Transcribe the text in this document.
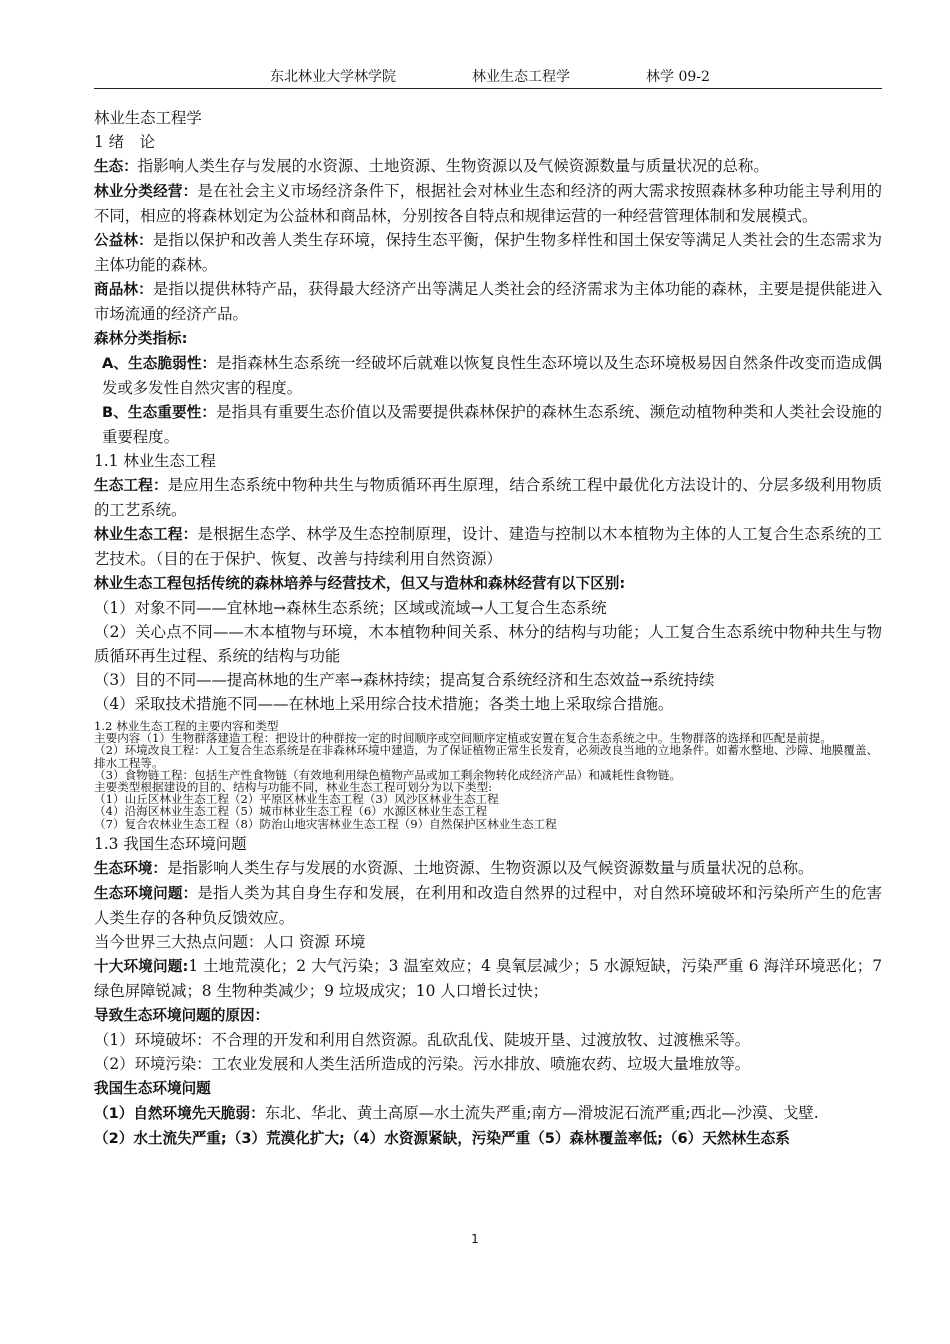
东北林业大学林学院	林业生态工程学	林学 09-2

林业生态工程学

1 绪　论

生态：指影响人类生存与发展的水资源、土地资源、生物资源以及气候资源数量与质量状况的总称。

林业分类经营：是在社会主义市场经济条件下，根据社会对林业生态和经济的两大需求按照森林多种功能主导利用的不同，相应的将森林划定为公益林和商品林，分别按各自特点和规律运营的一种经营管理体制和发展模式。

公益林：是指以保护和改善人类生存环境，保持生态平衡，保护生物多样性和国土保安等满足人类社会的生态需求为主体功能的森林。

商品林：是指以提供林特产品，获得最大经济产出等满足人类社会的经济需求为主体功能的森林，主要是提供能进入市场流通的经济产品。

森林分类指标:

A、生态脆弱性：是指森林生态系统一经破坏后就难以恢复良性生态环境以及生态环境极易因自然条件改变而造成偶发或多发性自然灾害的程度。

B、生态重要性：是指具有重要生态价值以及需要提供森林保护的森林生态系统、濒危动植物种类和人类社会设施的重要程度。

1.1 林业生态工程

生态工程：是应用生态系统中物种共生与物质循环再生原理，结合系统工程中最优化方法设计的、分层多级利用物质的工艺系统。

林业生态工程：是根据生态学、林学及生态控制原理，设计、建造与控制以木本植物为主体的人工复合生态系统的工艺技术。（目的在于保护、恢复、改善与持续利用自然资源）

林业生态工程包括传统的森林培养与经营技术，但又与造林和森林经营有以下区别:

（1）对象不同——宜林地→森林生态系统；区域或流域→人工复合生态系统

（2）关心点不同——木本植物与环境，木本植物种间关系、林分的结构与功能；人工复合生态系统中物种共生与物质循环再生过程、系统的结构与功能

（3）目的不同——提高林地的生产率→森林持续；提高复合系统经济和生态效益→系统持续

（4）采取技术措施不同——在林地上采用综合技术措施；各类土地上采取综合措施。

1.2 林业生态工程的主要内容和类型

主要内容（1）生物群落建造工程：把设计的种群按一定的时间顺序或空间顺序定植或安置在复合生态系统之中。生物群落的选择和匹配是前提。

（2）环境改良工程：人工复合生态系统是在非森林环境中建造，为了保证植物正常生长发育，必须改良当地的立地条件。如蓄水整地、沙障、地膜覆盖、排水工程等。

（3）食物链工程：包括生产性食物链（有效地利用绿色植物产品或加工剩余物转化成经济产品）和减耗性食物链。

主要类型根据建设的目的、结构与功能不同，林业生态工程可划分为以下类型:

（1）山丘区林业生态工程（2）平原区林业生态工程（3）风沙区林业生态工程

（4）沿海区林业生态工程（5）城市林业生态工程（6）水源区林业生态工程

（7）复合农林业生态工程（8）防治山地灾害林业生态工程（9）自然保护区林业生态工程

1.3 我国生态环境问题

生态环境：是指影响人类生存与发展的水资源、土地资源、生物资源以及气候资源数量与质量状况的总称。

生态环境问题：是指人类为其自身生存和发展，在利用和改造自然界的过程中，对自然环境破坏和污染所产生的危害人类生存的各种负反馈效应。

当今世界三大热点问题：人口 资源 环境

十大环境问题:1 土地荒漠化；2 大气污染；3 温室效应；4 臭氧层减少；5 水源短缺，污染严重 6 海洋环境恶化；7 绿色屏障锐减；8 生物种类减少；9 垃圾成灾；10 人口增长过快；

导致生态环境问题的原因：

（1）环境破坏：不合理的开发和利用自然资源。乱砍乱伐、陡坡开垦、过渡放牧、过渡樵采等。

（2）环境污染：工农业发展和人类生活所造成的污染。污水排放、喷施农药、垃圾大量堆放等。

我国生态环境问题

（1）自然环境先天脆弱：东北、华北、黄土高原—水土流失严重;南方—滑坡泥石流严重;西北—沙漠、戈壁.

（2）水土流失严重;（3）荒漠化扩大;（4）水资源紧缺，污染严重（5）森林覆盖率低;（6）天然林生态系

1
